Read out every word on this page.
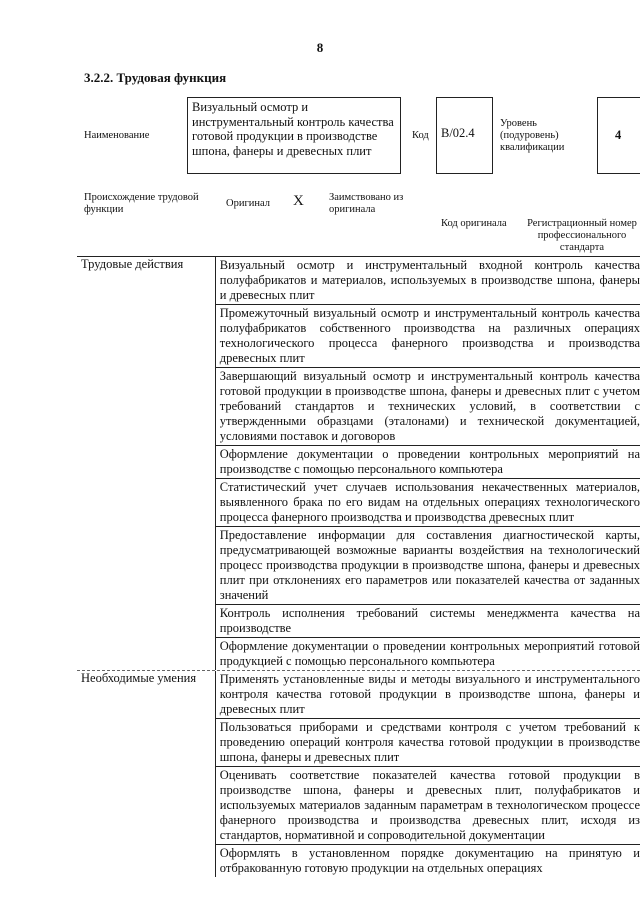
8
3.2.2. Трудовая функция
Наименование
Визуальный осмотр и инструментальный контроль качества готовой продукции в производстве шпона, фанеры и древесных плит
Код B/02.4
Уровень (подуровень) квалификации
4
Происхождение трудовой функции
Оригинал X Заимствовано из оригинала
Код оригинала	Регистрационный номер профессионального стандарта
Трудовые действия	Визуальный осмотр и инструментальный входной контроль качества полуфабрикатов и материалов, используемых в производстве шпона, фанеры и древесных плит
Промежуточный визуальный осмотр и инструментальный контроль качества полуфабрикатов собственного производства на различных операциях технологического процесса фанерного производства и производства древесных плит
Завершающий визуальный осмотр и инструментальный контроль качества готовой продукции в производстве шпона, фанеры и древесных плит с учетом требований стандартов и технических условий, в соответствии с утвержденными образцами (эталонами) и технической документацией, условиями поставок и договоров
Оформление документации о проведении контрольных мероприятий на производстве с помощью персонального компьютера
Статистический учет случаев использования некачественных материалов, выявленного брака по его видам на отдельных операциях технологического процесса фанерного производства и производства древесных плит
Предоставление информации для составления диагностической карты, предусматривающей возможные варианты воздействия на технологический процесс производства продукции в производстве шпона, фанеры и древесных плит при отклонениях его параметров или показателей качества от заданных значений
Контроль исполнения требований системы менеджмента качества на производстве
Оформление документации о проведении контрольных мероприятий готовой продукцией с помощью персонального компьютера
Необходимые умения	Применять установленные виды и методы визуального и инструментального контроля качества готовой продукции в производстве шпона, фанеры и древесных плит
Пользоваться приборами и средствами контроля с учетом требований к проведению операций контроля качества готовой продукции в производстве шпона, фанеры и древесных плит
Оценивать соответствие показателей качества готовой продукции в производстве шпона, фанеры и древесных плит, полуфабрикатов и используемых материалов заданным параметрам в технологическом процессе фанерного производства и производства древесных плит, исходя из стандартов, нормативной и сопроводительной документации
Оформлять в установленном порядке документацию на принятую и отбракованную готовую продукции на отдельных операциях
